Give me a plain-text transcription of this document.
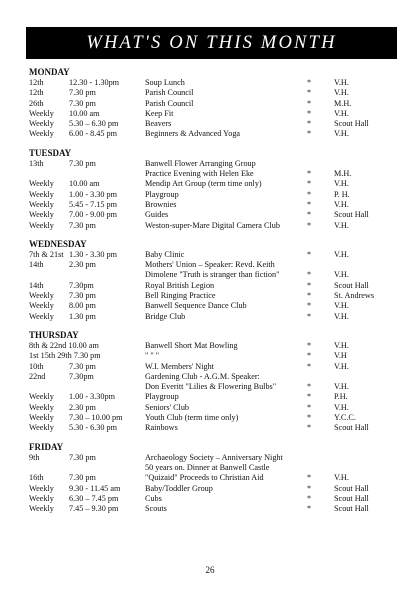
WHAT'S ON THIS MONTH
MONDAY
12th	12.30 - 1.30pm	Soup Lunch	*	V.H.
12th	7.30 pm	Parish Council	*	V.H.
26th	7.30 pm	Parish Council	*	M.H.
Weekly 10.00 am	Keep Fit	*	V.H.
Weekly 5.30 – 6.30 pm	Beavers	*	Scout Hall
Weekly 6.00 - 8.45 pm	Beginners & Advanced Yoga	*	V.H.
TUESDAY
13th	7.30 pm	Banwell Flower Arranging Group
Practice Evening with Helen Eke	*	M.H.
Weekly 10.00 am	Mendip Art Group (term time only)	*	V.H.
Weekly 1.00 - 3.30 pm	Playgroup	*	P. H.
Weekly 5.45 - 7.15 pm	Brownies	*	V.H.
Weekly 7.00 - 9.00 pm	Guides	*	Scout Hall
Weekly 7.30 pm	Weston-super-Mare Digital Camera Club	*	V.H.
WEDNESDAY
7th & 21st 1.30 - 3.30 pm	Baby Clinic	*	V.H.
14th	2.30 pm	Mothers' Union – Speaker: Revd. Keith
Dimolene "Truth is stranger than fiction"	*	V.H.
14th	7.30pm	Royal British Legion	*	Scout Hall
Weekly 7.30 pm	Bell Ringing Practice	*	St. Andrews
Weekly 8.00 pm	Banwell Sequence Dance Club	*	V.H.
Weekly 1.30 pm	Bridge Club	*	V.H.
THURSDAY
8th & 22nd 10.00 am	Banwell Short Mat Bowling	*	V.H.
1st 15th 29th 7.30 pm	" " "	*	V.H
10th	7.30 pm	W.I. Members' Night	*	V.H.
22nd	7.30pm	Gardening Club - A.G.M. Speaker:
Don Everitt "Lilies & Flowering Bulbs"	*	V.H.
Weekly 1.00 - 3.30pm	Playgroup	*	P.H.
Weekly 2.30 pm	Seniors' Club	*	V.H.
Weekly 7.30 – 10.00 pm	Youth Club (term time only)	*	Y.C.C.
Weekly 5.30 - 6.30 pm	Rainbows	*	Scout Hall
FRIDAY
9th	7.30 pm	Archaeology Society – Anniversary Night
50 years on. Dinner at Banwell Castle
16th	7.30 pm	"Quizaid" Proceeds to Christian Aid	*	V.H.
Weekly 9.30 - 11.45 am	Baby/Toddler Group	*	Scout Hall
Weekly 6.30 – 7.45 pm	Cubs	*	Scout Hall
Weekly 7.45 – 9.30 pm	Scouts	*	Scout Hall
26
